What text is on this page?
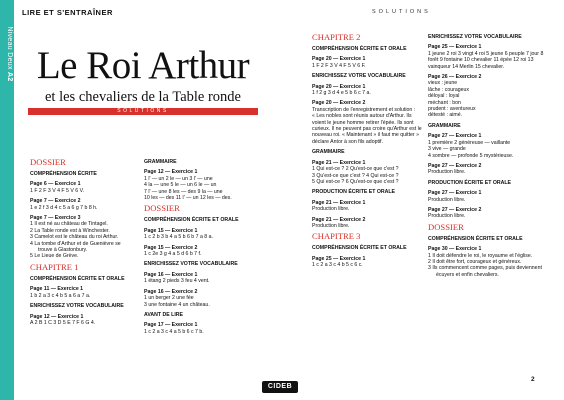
Niveau Deux A2
LIRE ET S'ENTRAÎNER	SOLUTIONS
Le Roi Arthur
et les chevaliers de la Table ronde
SOLUTIONS
DOSSIER
COMPRÉHENSION ÉCRITE
Page 6 — Exercice 1
1 F 2 F 3 V 4 F 5 V 6 V.
Page 7 — Exercice 2
1 e 2 f 3 d 4 c 5 a 6 g 7 b 8 h.
Page 7 — Exercice 3
1 Il est né au château de Tintagel.
2 La Table ronde est à Winchester.
3 Camelot est le château du roi Arthur.
4 La tombe d'Arthur et de Guenièvre se trouve à Glastonbury.
5 Le Lieue de Grève.
CHAPITRE 1
COMPRÉHENSION ÉCRITE ET ORALE
Page 11 — Exercice 1
1 b 2 a 3 c 4 b 5 a 6 a 7 a.
ENRICHISSEZ VOTRE VOCABULAIRE
Page 12 — Exercice 1
A 2 B 1 C 3 D 5 E 7 F 6 G 4.
GRAMMAIRE
Page 12 — Exercice 1
1 l' — un 2 le — un 3 l' — une
4 la — une 5 le — un 6 le — un
7 l' — une 8 les — des 9 la — une
10 les — des 11 l' — un 12 les — des.
DOSSIER
COMPRÉHENSION ÉCRITE ET ORALE
Page 15 — Exercice 1
1 c 2 b 3 b 4 a 5 b 6 b 7 a 8 a.
Page 15 — Exercice 2
1 c 2e 3 g 4 a 5 d 6 b 7 f.
ENRICHISSEZ VOTRE VOCABULAIRE
Page 16 — Exercice 1
1 étang 2 pieds 3 feu 4 vent.
Page 16 — Exercice 2
1 un berger 2 une fée
3 une fontaine 4 un château.
AVANT DE LIRE
Page 17 — Exercice 1
1 c 2 a 3 c 4 a 5 b 6 c 7 b.
CHAPITRE 2
COMPRÉHENSION ÉCRITE ET ORALE
Page 20 — Exercice 1
1 F 2 F 3 V 4 F 5 V 6 F.
ENRICHISSEZ VOTRE VOCABULAIRE
Page 20 — Exercice 1
1 f 2 g 3 d 4 e 5 b 6 c 7 a.
Page 20 — Exercice 2
Transcription de l'enregistrement et solution :
« Les nobles sont réunis autour d'Arthur. Ils voient le jeune homme retirer l'épée. Ils sont curieux. Il ne peuvent pas croire qu'Arthur est le nouveau roi. « Maintenant » il faut me quitter » déclare Antor à son fils adoptif.
GRAMMAIRE
Page 21 — Exercice 1
1 Qui est-ce ? 2 Qu'est-ce que c'est ?
3 Qu'est-ce que c'est ? 4 Qui est-ce ?
5 Qui est-ce ? 6 Qu'est-ce que c'est ?
PRODUCTION ÉCRITE ET ORALE
Page 21 — Exercice 1
Production libre.
Page 21 — Exercice 2
Production libre.
CHAPITRE 3
COMPRÉHENSION ÉCRITE ET ORALE
Page 25 — Exercice 1
1 c 2 a 3 c 4 b 5 c 6 c.
ENRICHISSEZ VOTRE VOCABULAIRE
Page 25 — Exercice 1
1 jeune 2 roi 3 vingt 4 roi 5 jeune 6 peuple 7 jour 8 forêt 9 fontaine 10 chevalier 11 épée 12 roi 13 vainqueur 14 Merlin 15 chevalier.
Page 26 — Exercice 2
vieux : jeune
lâche : courageux
déloyal : loyal
méchant : bon
prudent : aventureux
détesté : aimé.
GRAMMAIRE
Page 27 — Exercice 1
1 première 2 généreuse — vaillante
3 vive — grande
4 sombre — profonde 5 mystérieuse.
Page 27 — Exercice 2
Production libre.
PRODUCTION ÉCRITE ET ORALE
Page 27 — Exercice 1
Production libre.
Page 27 — Exercice 2
Production libre.
DOSSIER
COMPRÉHENSION ÉCRITE ET ORALE
Page 30 — Exercice 1
1 Il doit défendre le roi, le royaume et l'église.
2 Il doit être fort, courageux et généreux.
3 Ils commencent comme pages, puis deviennent écuyers et enfin chevaliers.
CIDEB
2
